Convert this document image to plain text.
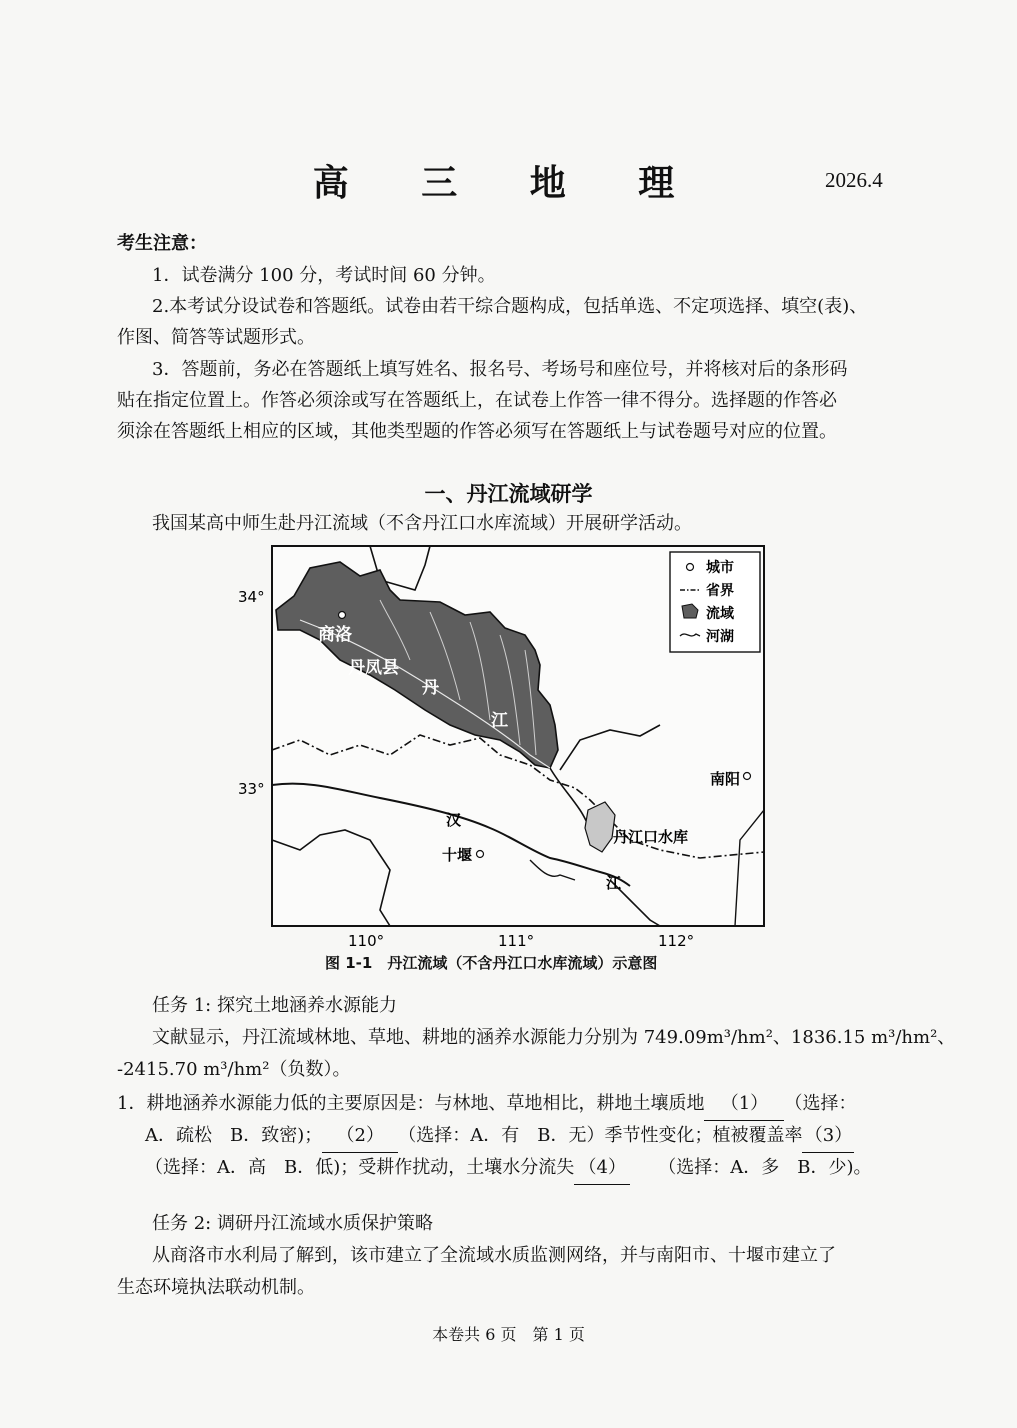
高 三 地 理	2026.4
考生注意：
1．试卷满分 100 分，考试时间 60 分钟。
2.本考试分设试卷和答题纸。试卷由若干综合题构成，包括单选、不定项选择、填空(表)、
作图、简答等试题形式。
3．答题前，务必在答题纸上填写姓名、报名号、考场号和座位号，并将核对后的条形码
贴在指定位置上。作答必须涂或写在答题纸上，在试卷上作答一律不得分。选择题的作答必
须涂在答题纸上相应的区域，其他类型题的作答必须写在答题纸上与试卷题号对应的位置。
一、丹江流域研学
我国某高中师生赴丹江流域（不含丹江口水库流域）开展研学活动。
商洛
丹凤县
丹
江
南阳
丹江口水库
汉
江
十堰
城市
省界
流域
河湖
34°
33°
110°	111°	112°
图 1-1　丹江流域（不含丹江口水库流域）示意图
任务 1: 探究土地涵养水源能力
文献显示，丹江流域林地、草地、耕地的涵养水源能力分别为 749.09m³/hm²、1836.15 m³/hm²、
-2415.70 m³/hm²（负数）。
1．耕地涵养水源能力低的主要原因是：与林地、草地相比，耕地土壤质地 （1） （选择：
A．疏松　B．致密)； （2） （选择：A．有　B．无）季节性变化；植被覆盖率 （3）
（选择：A．高　B．低)；受耕作扰动，土壤水分流失 （4） （选择：A．多　B．少)。
任务 2: 调研丹江流域水质保护策略
从商洛市水利局了解到，该市建立了全流域水质监测网络，并与南阳市、十堰市建立了
生态环境执法联动机制。
本卷共 6 页　第 1 页
